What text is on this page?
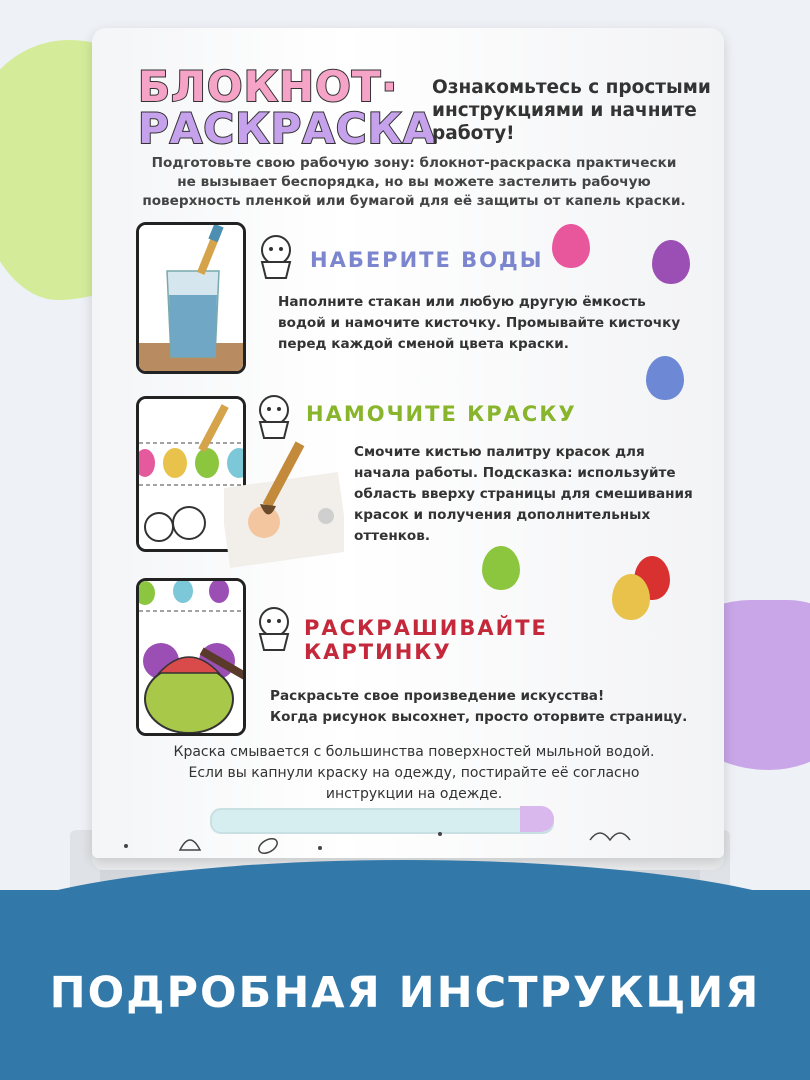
БЛОКНОТ·
РАСКРАСКА
Ознакомьтесь с простыми инструкциями и начните работу!
Подготовьте свою рабочую зону: блокнот-раскраска практически не вызывает беспорядка, но вы можете застелить рабочую поверхность пленкой или бумагой для её защиты от капель краски.
НАБЕРИТЕ ВОДЫ
НАМОЧИТЕ КРАСКУ
РАСКРАШИВАЙТЕ
КАРТИНКУ
Наполните стакан или любую другую ёмкость
водой и намочите кисточку. Промывайте кисточку
перед каждой сменой цвета краски.
Смочите кистью палитру красок для
начала работы. Подсказка: используйте
область вверху страницы для смешивания
красок и получения дополнительных
оттенков.
Раскрасьте свое произведение искусства!
Когда рисунок высохнет, просто оторвите страницу.
Краска смывается с большинства поверхностей мыльной водой.
Если вы капнули краску на одежду, постирайте её согласно
инструкции на одежде.
ПОДРОБНАЯ ИНСТРУКЦИЯ
